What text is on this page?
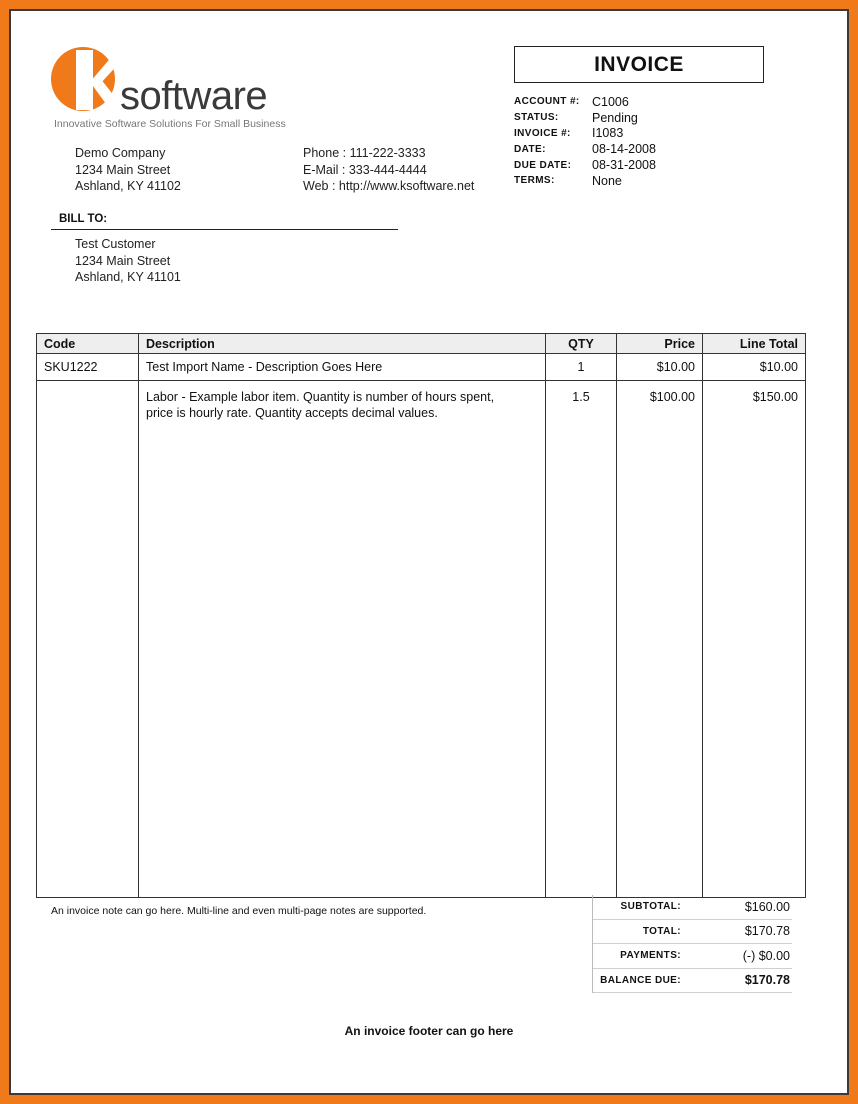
K
software
Innovative Software Solutions For Small Business
Demo Company
1234 Main Street
Ashland, KY 41102
Phone : 111-222-3333
E-Mail : 333-444-4444
Web : http://www.ksoftware.net
INVOICE
ACCOUNT #: C1006
STATUS:	Pending
INVOICE #:	I1083
DATE:	08-14-2008
DUE DATE:	08-31-2008
TERMS:	None
BILL TO:
Test Customer
1234 Main Street
Ashland, KY 41101
Code	Description	QTY	Price	Line Total
SKU1222	Test Import Name - Description Goes Here	1	$10.00	$10.00

	Labor - Example labor item. Quantity is number of hours spent,
price is hourly rate. Quantity accepts decimal values.	1.5	$100.00	$150.00
An invoice note can go here. Multi-line and even multi-page notes are supported.	SUBTOTAL:	$160.00
TOTAL:	$170.78
PAYMENTS:	(-) $0.00
BALANCE DUE:	$170.78
An invoice footer can go here
